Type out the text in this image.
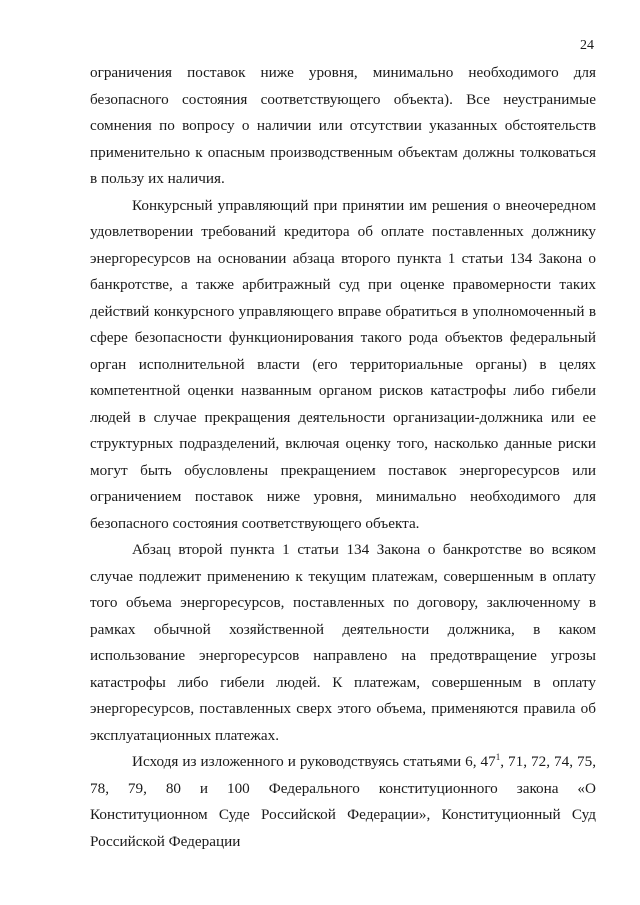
24

ограничения поставок ниже уровня, минимально необходимого для безопасного состояния соответствующего объекта). Все неустранимые сомнения по вопросу о наличии или отсутствии указанных обстоятельств применительно к опасным производственным объектам должны толковаться в пользу их наличия.

Конкурсный управляющий при принятии им решения о внеочередном удовлетворении требований кредитора об оплате поставленных должнику энергоресурсов на основании абзаца второго пункта 1 статьи 134 Закона о банкротстве, а также арбитражный суд при оценке правомерности таких действий конкурсного управляющего вправе обратиться в уполномоченный в сфере безопасности функционирования такого рода объектов федеральный орган исполнительной власти (его территориальные органы) в целях компетентной оценки названным органом рисков катастрофы либо гибели людей в случае прекращения деятельности организации-должника или ее структурных подразделений, включая оценку того, насколько данные риски могут быть обусловлены прекращением поставок энергоресурсов или ограничением поставок ниже уровня, минимально необходимого для безопасного состояния соответствующего объекта.

Абзац второй пункта 1 статьи 134 Закона о банкротстве во всяком случае подлежит применению к текущим платежам, совершенным в оплату того объема энергоресурсов, поставленных по договору, заключенному в рамках обычной хозяйственной деятельности должника, в каком использование энергоресурсов направлено на предотвращение угрозы катастрофы либо гибели людей. К платежам, совершенным в оплату энергоресурсов, поставленных сверх этого объема, применяются правила об эксплуатационных платежах.

Исходя из изложенного и руководствуясь статьями 6, $47^1$, 71, 72, 74, 75, 78, 79, 80 и 100 Федерального конституционного закона «О Конституционном Суде Российской Федерации», Конституционный Суд Российской Федерации
